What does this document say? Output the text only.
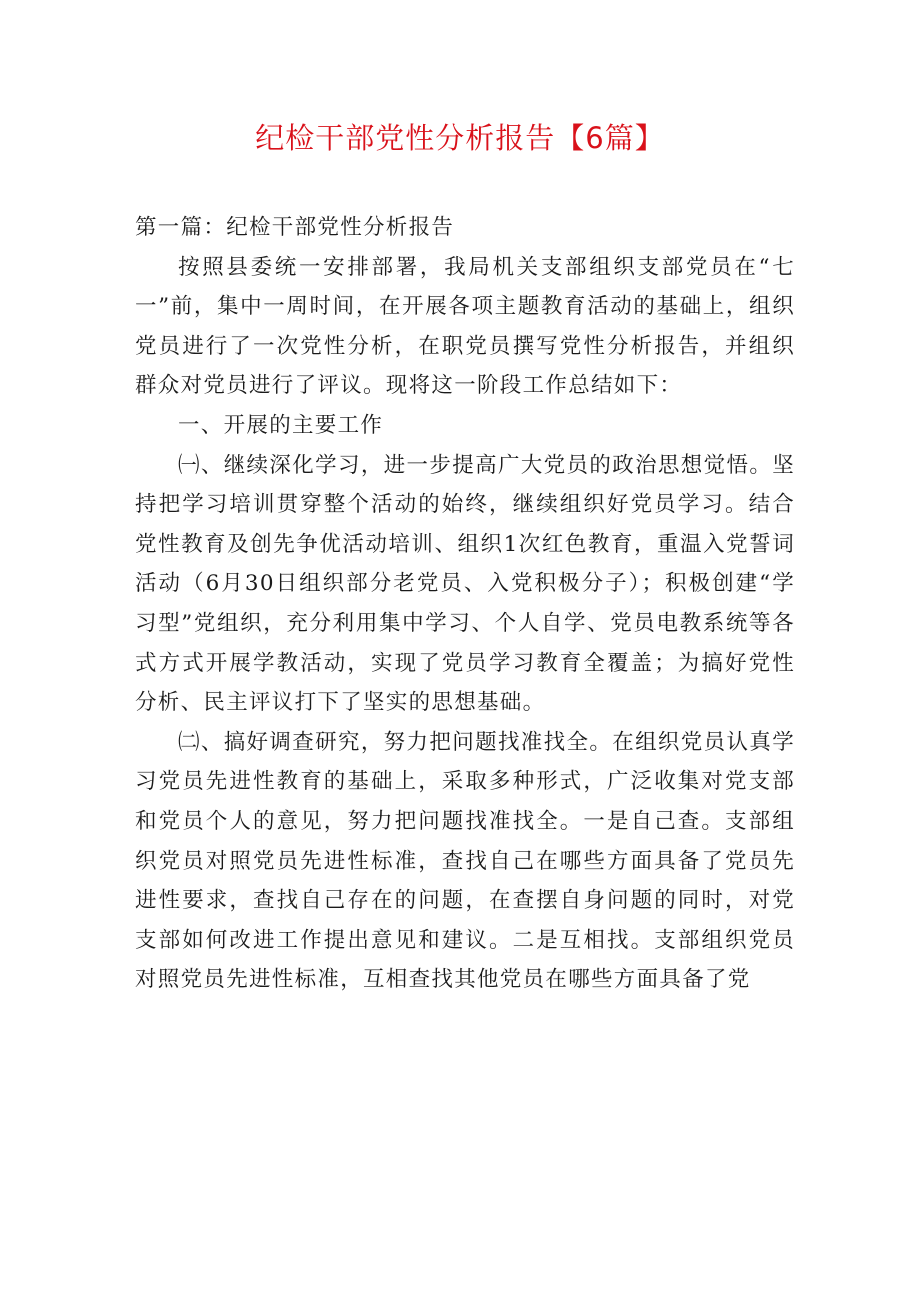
纪检干部党性分析报告【6篇】

第一篇：纪检干部党性分析报告

按照县委统一安排部署，我局机关支部组织支部党员在“七一”前，集中一周时间，在开展各项主题教育活动的基础上，组织党员进行了一次党性分析，在职党员撰写党性分析报告，并组织群众对党员进行了评议。现将这一阶段工作总结如下：

一、开展的主要工作

㈠、继续深化学习，进一步提高广大党员的政治思想觉悟。坚持把学习培训贯穿整个活动的始终，继续组织好党员学习。结合党性教育及创先争优活动培训、组织1次红色教育，重温入党誓词活动（6月30日组织部分老党员、入党积极分子）；积极创建“学习型”党组织，充分利用集中学习、个人自学、党员电教系统等各式方式开展学教活动，实现了党员学习教育全覆盖；为搞好党性分析、民主评议打下了坚实的思想基础。

㈡、搞好调查研究，努力把问题找准找全。在组织党员认真学习党员先进性教育的基础上，采取多种形式，广泛收集对党支部和党员个人的意见，努力把问题找准找全。一是自己查。支部组织党员对照党员先进性标准，查找自己在哪些方面具备了党员先进性要求，查找自己存在的问题，在查摆自身问题的同时，对党支部如何改进工作提出意见和建议。二是互相找。支部组织党员对照党员先进性标准，互相查找其他党员在哪些方面具备了党
